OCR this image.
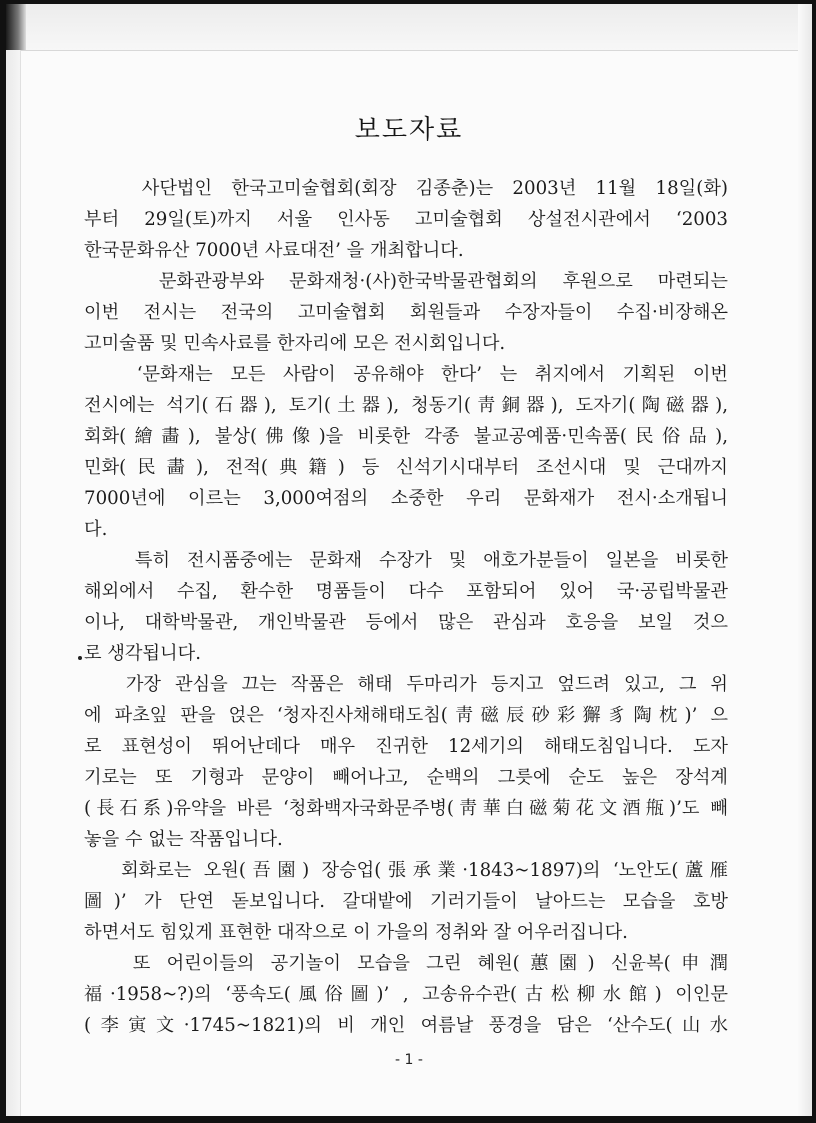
보도자료
사단법인 한국고미술협회(회장 김종춘)는 2003년 11월 18일(화)
부터 29일(토)까지 서울 인사동 고미술협회 상설전시관에서 ‘2003
한국문화유산 7000년 사료대전’ 을 개최합니다.
문화관광부와 문화재청·(사)한국박물관협회의 후원으로 마련되는
이번 전시는 전국의 고미술협회 회원들과 수장자들이 수집·비장해온
고미술품 및 민속사료를 한자리에 모은 전시회입니다.
‘문화재는 모든 사람이 공유해야 한다’ 는 취지에서 기획된 이번
전시에는 석기(石器), 토기(土器), 청동기(靑銅器), 도자기(陶磁器),
회화(繪畵), 불상(佛像)을 비롯한 각종 불교공예품·민속품(民俗品),
민화(民畵), 전적(典籍) 등 신석기시대부터 조선시대 및 근대까지
7000년에 이르는 3,000여점의 소중한 우리 문화재가 전시·소개됩니
다.
특히 전시품중에는 문화재 수장가 및 애호가분들이 일본을 비롯한
해외에서 수집, 환수한 명품들이 다수 포함되어 있어 국·공립박물관
이나, 대학박물관, 개인박물관 등에서 많은 관심과 호응을 보일 것으
로 생각됩니다.
가장 관심을 끄는 작품은 해태 두마리가 등지고 엎드려 있고, 그 위
에 파초잎 판을 얹은 ‘청자진사채해태도침(靑磁辰砂彩獬豸陶枕)’ 으
로 표현성이 뛰어난데다 매우 진귀한 12세기의 해태도침입니다. 도자
기로는 또 기형과 문양이 빼어나고, 순백의 그릇에 순도 높은 장석계
(長石系)유약을 바른 ‘청화백자국화문주병(靑華白磁菊花文酒甁)’도 빼
놓을 수 없는 작품입니다.
회화로는 오원(吾園) 장승업(張承業·1843~1897)의 ‘노안도(蘆雁
圖)’ 가 단연 돋보입니다. 갈대밭에 기러기들이 날아드는 모습을 호방
하면서도 힘있게 표현한 대작으로 이 가을의 정취와 잘 어우러집니다.
또 어린이들의 공기놀이 모습을 그린 혜원(蕙園) 신윤복(申潤
福·1958~?)의 ‘풍속도(風俗圖)’ , 고송유수관(古松柳水館) 이인문
(李寅文·1745~1821)의 비 개인 여름날 풍경을 담은 ‘산수도(山水
- 1 -
